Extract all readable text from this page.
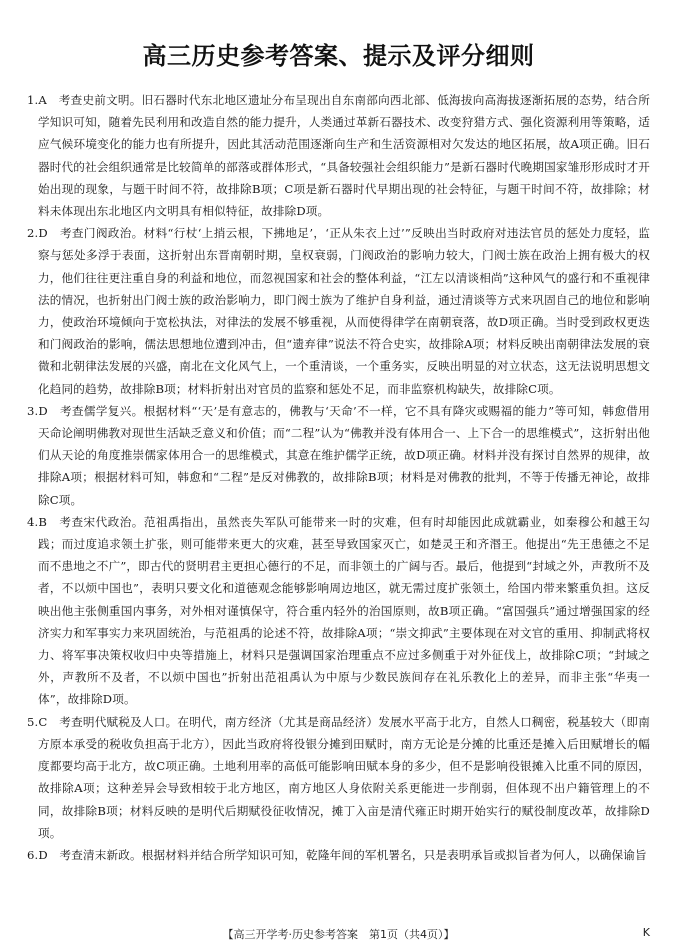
高三历史参考答案、提示及评分细则

1.A　考查史前文明。旧石器时代东北地区遗址分布呈现出自东南部向西北部、低海拔向高海拔逐渐拓展的态势，结合所学知识可知，随着先民利用和改造自然的能力提升，人类通过革新石器技术、改变狩猎方式、强化资源利用等策略，适应气候环境变化的能力也有所提升，因此其活动范围逐渐向生产和生活资源相对欠发达的地区拓展，故A项正确。旧石器时代的社会组织通常是比较简单的部落或群体形式，“具备较强社会组织能力”是新石器时代晚期国家雏形形成时才开始出现的现象，与题干时间不符，故排除B项；C项是新石器时代早期出现的社会特征，与题干时间不符，故排除；材料未体现出东北地区内文明具有相似特征，故排除D项。

2.D　考查门阀政治。材料“行杖‘上捎云根，下拂地足’，‘正从朱衣上过’”反映出当时政府对违法官员的惩处力度轻，监察与惩处多浮于表面，这折射出东晋南朝时期，皇权衰弱，门阀政治的影响力较大，门阀士族在政治上拥有极大的权力，他们往往更注重自身的利益和地位，而忽视国家和社会的整体利益，“江左以清谈相尚”这种风气的盛行和不重视律法的情况，也折射出门阀士族的政治影响力，即门阀士族为了维护自身利益，通过清谈等方式来巩固自己的地位和影响力，使政治环境倾向于宽松执法，对律法的发展不够重视，从而使得律学在南朝衰落，故D项正确。当时受到政权更迭和门阀政治的影响，儒法思想地位遭到冲击，但“遗弃律”说法不符合史实，故排除A项；材料反映出南朝律法发展的衰微和北朝律法发展的兴盛，南北在文化风气上，一个重清谈，一个重务实，反映出明显的对立状态，这无法说明思想文化趋同的趋势，故排除B项；材料折射出对官员的监察和惩处不足，而非监察机构缺失，故排除C项。

3.D　考查儒学复兴。根据材料“‘天’是有意志的，佛教与‘天命’不一样，它不具有降灾或赐福的能力”等可知，韩愈借用天命论阐明佛教对现世生活缺乏意义和价值；而“二程”认为“佛教并没有体用合一、上下合一的思维模式”，这折射出他们从天论的角度推崇儒家体用合一的思维模式，其意在维护儒学正统，故D项正确。材料并没有探讨自然界的规律，故排除A项；根据材料可知，韩愈和“二程”是反对佛教的，故排除B项；材料是对佛教的批判，不等于传播无神论，故排除C项。

4.B　考查宋代政治。范祖禹指出，虽然丧失军队可能带来一时的灾难，但有时却能因此成就霸业，如秦穆公和越王勾践；而过度追求领土扩张，则可能带来更大的灾难，甚至导致国家灭亡，如楚灵王和齐湣王。他提出“先王患德之不足而不患地之不广”，即古代的贤明君主更担心德行的不足，而非领土的广阔与否。最后，他提到“封域之外，声教所不及者，不以烦中国也”，表明只要文化和道德观念能够影响周边地区，就无需过度扩张领土，给国内带来繁重负担。这反映出他主张侧重国内事务，对外相对谨慎保守，符合重内轻外的治国原则，故B项正确。“富国强兵”通过增强国家的经济实力和军事实力来巩固统治，与范祖禹的论述不符，故排除A项；“崇文抑武”主要体现在对文官的重用、抑制武将权力、将军事决策权收归中央等措施上，材料只是强调国家治理重点不应过多侧重于对外征伐上，故排除C项；“封域之外，声教所不及者，不以烦中国也”折射出范祖禹认为中原与少数民族间存在礼乐教化上的差异，而非主张“华夷一体”，故排除D项。

5.C　考查明代赋税及人口。在明代，南方经济（尤其是商品经济）发展水平高于北方，自然人口稠密，税基较大（即南方原本承受的税收负担高于北方），因此当政府将役银分摊到田赋时，南方无论是分摊的比重还是摊入后田赋增长的幅度都要均高于北方，故C项正确。土地利用率的高低可能影响田赋本身的多少，但不是影响役银摊入比重不同的原因，故排除A项；这种差异会导致相较于北方地区，南方地区人身依附关系更能进一步削弱，但体现不出户籍管理上的不同，故排除B项；材料反映的是明代后期赋役征收情况，摊丁入亩是清代雍正时期开始实行的赋役制度改革，故排除D项。

6.D　考查清末新政。根据材料并结合所学知识可知，乾隆年间的军机署名，只是表明承旨或拟旨者为何人，以确保谕旨

【高三开学考·历史参考答案　第1页（共4页）】	K
